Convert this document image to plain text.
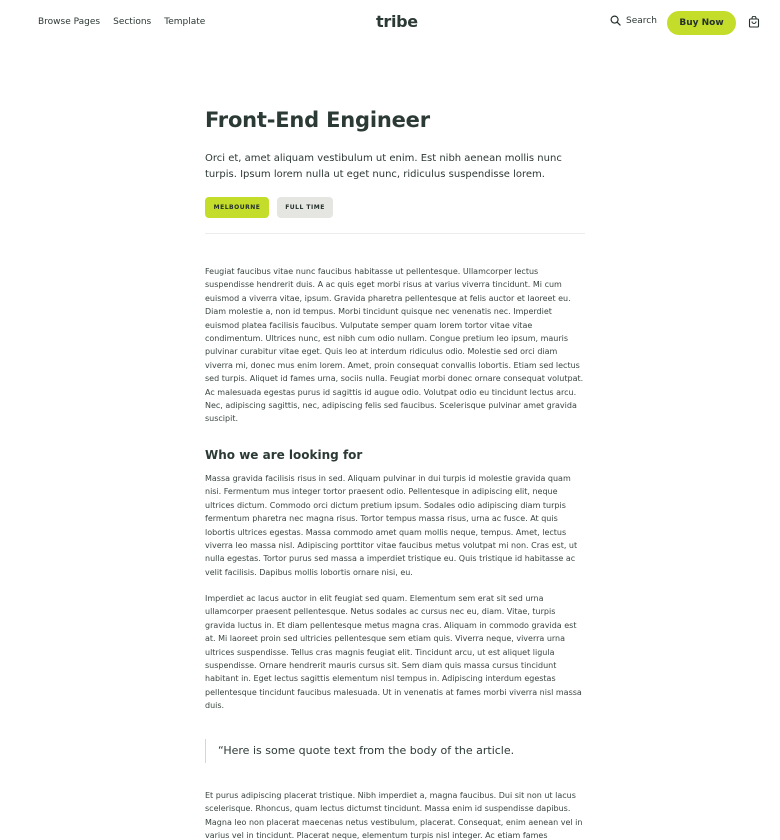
Browse Pages Sections Template	tribe	Search	Buy Now
Front-End Engineer

Orci et, amet aliquam vestibulum ut enim. Est nibh aenean mollis nunc turpis. Ipsum lorem nulla ut eget nunc, ridiculus suspendisse lorem.

MELBOURNE	FULL TIME

Feugiat faucibus vitae nunc faucibus habitasse ut pellentesque. Ullamcorper lectus suspendisse hendrerit duis. A ac quis eget morbi risus at varius viverra tincidunt. Mi cum euismod a viverra vitae, ipsum. Gravida pharetra pellentesque at felis auctor et laoreet eu. Diam molestie a, non id tempus. Morbi tincidunt quisque nec venenatis nec. Imperdiet euismod platea facilisis faucibus. Vulputate semper quam lorem tortor vitae vitae condimentum. Ultrices nunc, est nibh cum odio nullam. Congue pretium leo ipsum, mauris pulvinar curabitur vitae eget. Quis leo at interdum ridiculus odio. Molestie sed orci diam viverra mi, donec mus enim lorem. Amet, proin consequat convallis lobortis. Etiam sed lectus sed turpis. Aliquet id fames urna, sociis nulla. Feugiat morbi donec ornare consequat volutpat. Ac malesuada egestas purus id sagittis id augue odio. Volutpat odio eu tincidunt lectus arcu. Nec, adipiscing sagittis, nec, adipiscing felis sed faucibus. Scelerisque pulvinar amet gravida suscipit.

Who we are looking for

Massa gravida facilisis risus in sed. Aliquam pulvinar in dui turpis id molestie gravida quam nisi. Fermentum mus integer tortor praesent odio. Pellentesque in adipiscing elit, neque ultrices dictum. Commodo orci dictum pretium ipsum. Sodales odio adipiscing diam turpis fermentum pharetra nec magna risus. Tortor tempus massa risus, urna ac fusce. At quis lobortis ultrices egestas. Massa commodo amet quam mollis neque, tempus. Amet, lectus viverra leo massa nisl. Adipiscing porttitor vitae faucibus metus volutpat mi non. Cras est, ut nulla egestas. Tortor purus sed massa a imperdiet tristique eu. Quis tristique id habitasse ac velit facilisis. Dapibus mollis lobortis ornare nisi, eu.

Imperdiet ac lacus auctor in elit feugiat sed quam. Elementum sem erat sit sed urna ullamcorper praesent pellentesque. Netus sodales ac cursus nec eu, diam. Vitae, turpis gravida luctus in. Et diam pellentesque metus magna cras. Aliquam in commodo gravida est at. Mi laoreet proin sed ultricies pellentesque sem etiam quis. Viverra neque, viverra urna ultrices suspendisse. Tellus cras magnis feugiat elit. Tincidunt arcu, ut est aliquet ligula suspendisse. Ornare hendrerit mauris cursus sit. Sem diam quis massa cursus tincidunt habitant in. Eget lectus sagittis elementum nisl tempus in. Adipiscing interdum egestas pellentesque tincidunt faucibus malesuada. Ut in venenatis at fames morbi viverra nisl massa duis.

“Here is some quote text from the body of the article.

Et purus adipiscing placerat tristique. Nibh imperdiet a, magna faucibus. Dui sit non ut lacus scelerisque. Rhoncus, quam lectus dictumst tincidunt. Massa enim id suspendisse dapibus. Magna leo non placerat maecenas netus vestibulum, placerat. Consequat, enim aenean vel in varius vel in tincidunt. Placerat neque, elementum turpis nisl integer. Ac etiam fames
